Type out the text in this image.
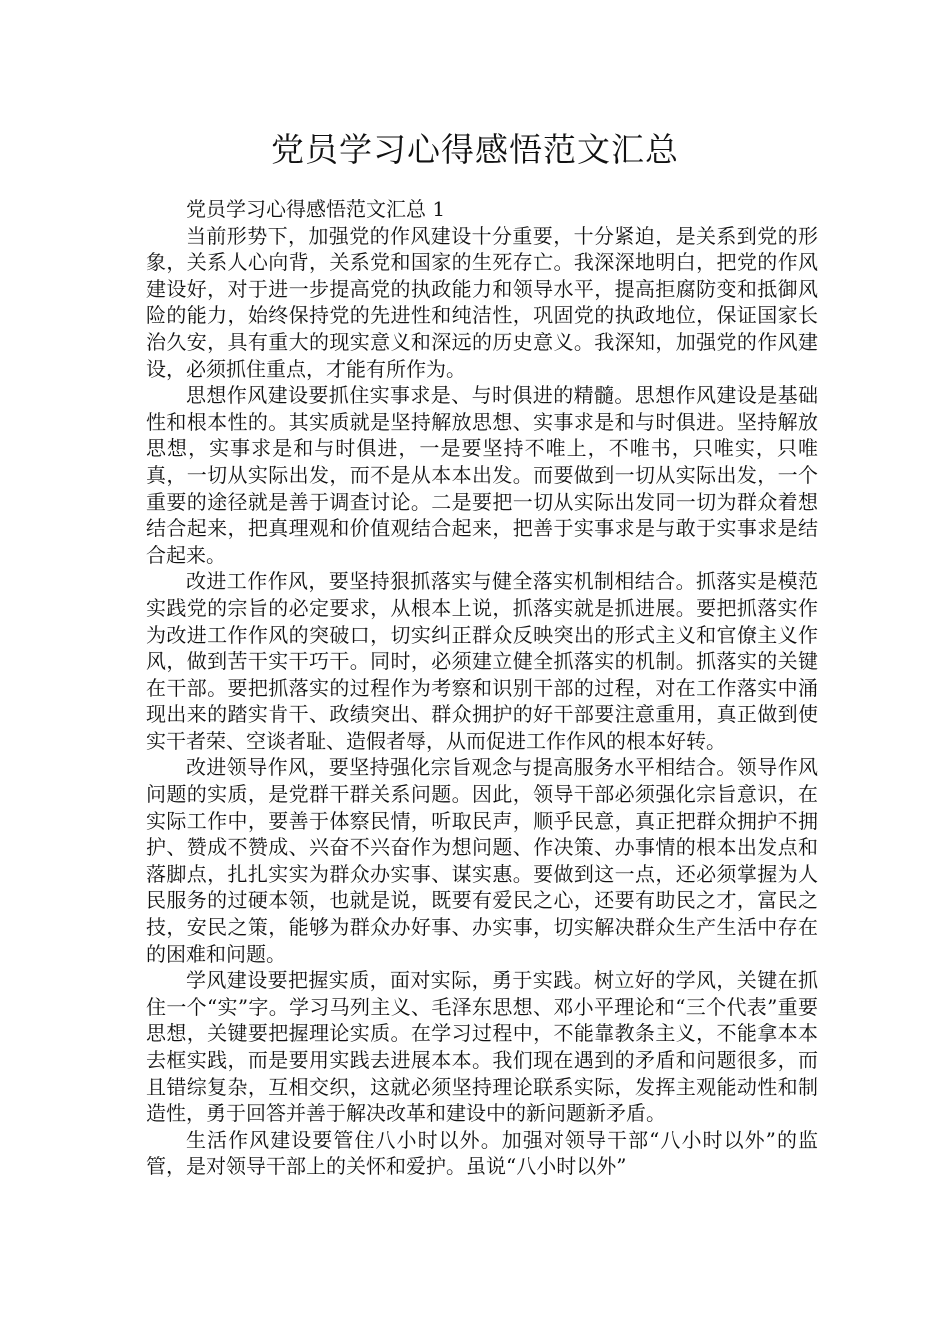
党员学习心得感悟范文汇总

党员学习心得感悟范文汇总 1

当前形势下，加强党的作风建设十分重要，十分紧迫，是关系到党的形象，关系人心向背，关系党和国家的生死存亡。我深深地明白，把党的作风建设好，对于进一步提高党的执政能力和领导水平，提高拒腐防变和抵御风险的能力，始终保持党的先进性和纯洁性，巩固党的执政地位，保证国家长治久安，具有重大的现实意义和深远的历史意义。我深知，加强党的作风建设，必须抓住重点，才能有所作为。

思想作风建设要抓住实事求是、与时俱进的精髓。思想作风建设是基础性和根本性的。其实质就是坚持解放思想、实事求是和与时俱进。坚持解放思想，实事求是和与时俱进，一是要坚持不唯上，不唯书，只唯实，只唯真，一切从实际出发，而不是从本本出发。而要做到一切从实际出发，一个重要的途径就是善于调查讨论。二是要把一切从实际出发同一切为群众着想结合起来，把真理观和价值观结合起来，把善于实事求是与敢于实事求是结合起来。

改进工作作风，要坚持狠抓落实与健全落实机制相结合。抓落实是模范实践党的宗旨的必定要求，从根本上说，抓落实就是抓进展。要把抓落实作为改进工作作风的突破口，切实纠正群众反映突出的形式主义和官僚主义作风，做到苦干实干巧干。同时，必须建立健全抓落实的机制。抓落实的关键在干部。要把抓落实的过程作为考察和识别干部的过程，对在工作落实中涌现出来的踏实肯干、政绩突出、群众拥护的好干部要注意重用，真正做到使实干者荣、空谈者耻、造假者辱，从而促进工作作风的根本好转。

改进领导作风，要坚持强化宗旨观念与提高服务水平相结合。领导作风问题的实质，是党群干群关系问题。因此，领导干部必须强化宗旨意识，在实际工作中，要善于体察民情，听取民声，顺乎民意，真正把群众拥护不拥护、赞成不赞成、兴奋不兴奋作为想问题、作决策、办事情的根本出发点和落脚点，扎扎实实为群众办实事、谋实惠。要做到这一点，还必须掌握为人民服务的过硬本领，也就是说，既要有爱民之心，还要有助民之才，富民之技，安民之策，能够为群众办好事、办实事，切实解决群众生产生活中存在的困难和问题。

学风建设要把握实质，面对实际，勇于实践。树立好的学风，关键在抓住一个“实”字。学习马列主义、毛泽东思想、邓小平理论和“三个代表”重要思想，关键要把握理论实质。在学习过程中，不能靠教条主义，不能拿本本去框实践，而是要用实践去进展本本。我们现在遇到的矛盾和问题很多，而且错综复杂，互相交织，这就必须坚持理论联系实际，发挥主观能动性和制造性，勇于回答并善于解决改革和建设中的新问题新矛盾。

生活作风建设要管住八小时以外。加强对领导干部“八小时以外”的监管，是对领导干部上的关怀和爱护。虽说“八小时以外”
